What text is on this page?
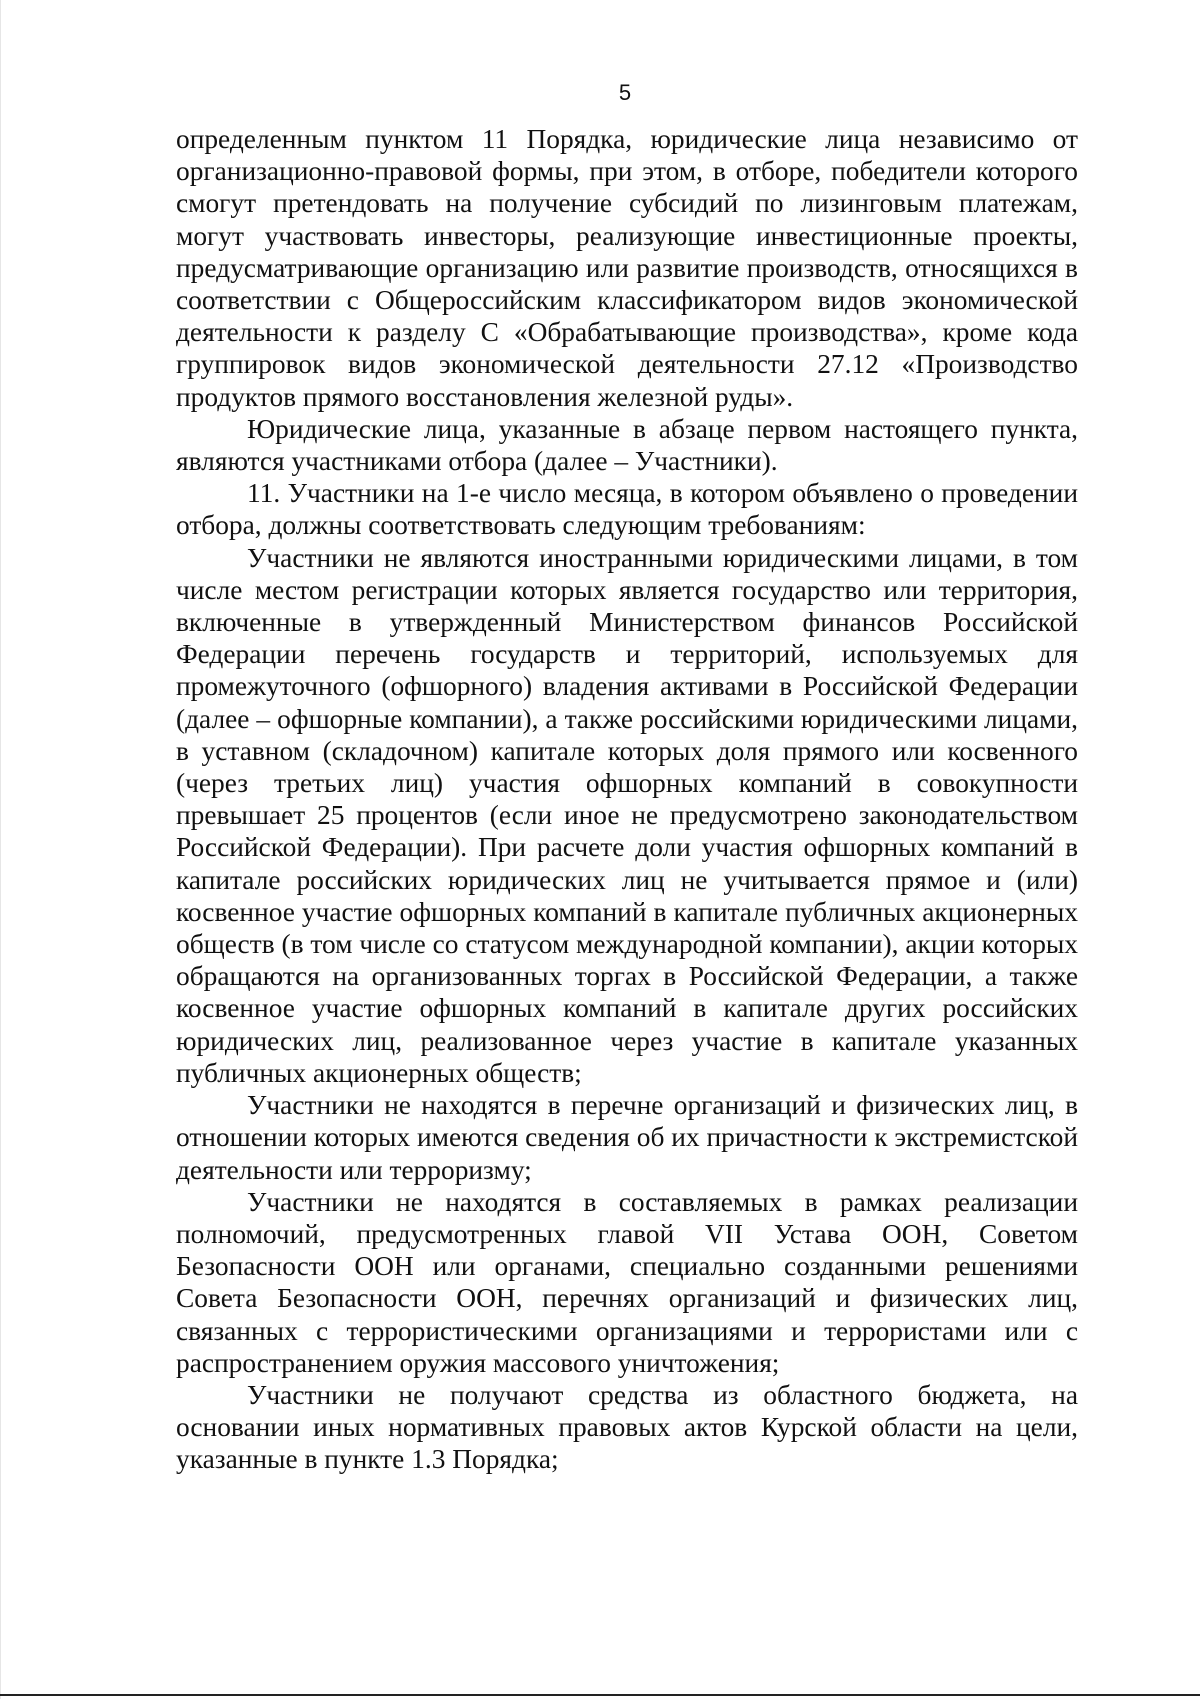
5

определенным пунктом 11 Порядка, юридические лица независимо от организационно-правовой формы, при этом, в отборе, победители которого смогут претендовать на получение субсидий по лизинговым платежам, могут участвовать инвесторы, реализующие инвестиционные проекты, предусматривающие организацию или развитие производств, относящихся в соответствии с Общероссийским классификатором видов экономической деятельности к разделу С «Обрабатывающие производства», кроме кода группировок видов экономической деятельности 27.12 «Производство продуктов прямого восстановления железной руды».

Юридические лица, указанные в абзаце первом настоящего пункта, являются участниками отбора (далее – Участники).

11. Участники на 1-е число месяца, в котором объявлено о проведении отбора, должны соответствовать следующим требованиям:

Участники не являются иностранными юридическими лицами, в том числе местом регистрации которых является государство или территория, включенные в утвержденный Министерством финансов Российской Федерации перечень государств и территорий, используемых для промежуточного (офшорного) владения активами в Российской Федерации (далее – офшорные компании), а также российскими юридическими лицами, в уставном (складочном) капитале которых доля прямого или косвенного (через третьих лиц) участия офшорных компаний в совокупности превышает 25 процентов (если иное не предусмотрено законодательством Российской Федерации). При расчете доли участия офшорных компаний в капитале российских юридических лиц не учитывается прямое и (или) косвенное участие офшорных компаний в капитале публичных акционерных обществ (в том числе со статусом международной компании), акции которых обращаются на организованных торгах в Российской Федерации, а также косвенное участие офшорных компаний в капитале других российских юридических лиц, реализованное через участие в капитале указанных публичных акционерных обществ;

Участники не находятся в перечне организаций и физических лиц, в отношении которых имеются сведения об их причастности к экстремистской деятельности или терроризму;

Участники не находятся в составляемых в рамках реализации полномочий, предусмотренных главой VII Устава ООН, Советом Безопасности ООН или органами, специально созданными решениями Совета Безопасности ООН, перечнях организаций и физических лиц, связанных с террористическими организациями и террористами или с распространением оружия массового уничтожения;

Участники не получают средства из областного бюджета, на основании иных нормативных правовых актов Курской области на цели, указанные в пункте 1.3 Порядка;
